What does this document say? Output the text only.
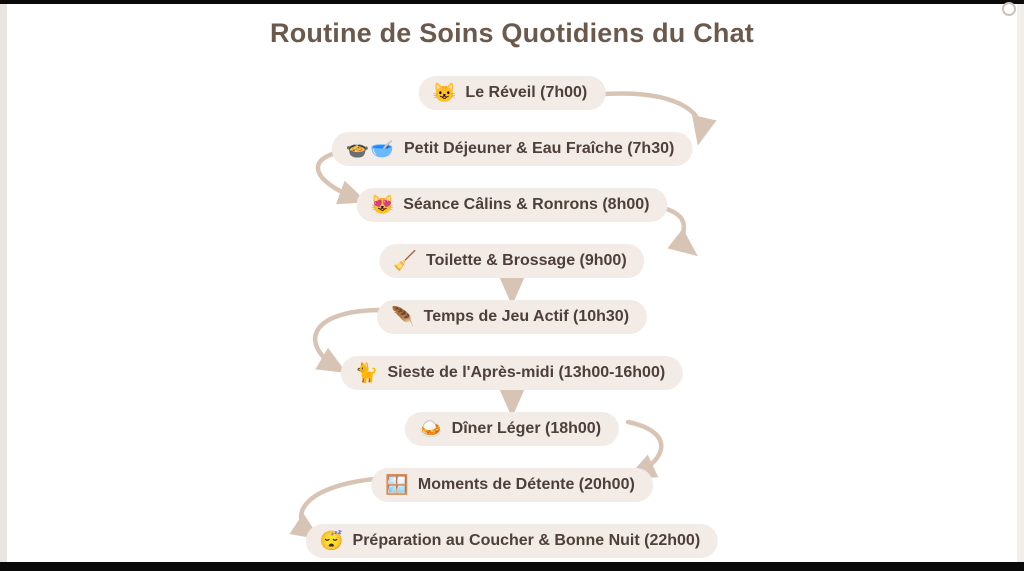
Routine de Soins Quotidiens du Chat
😺 Le Réveil (7h00)
🍲🥣 Petit Déjeuner & Eau Fraîche (7h30)
😻 Séance Câlins & Ronrons (8h00)
🧹 Toilette & Brossage (9h00)
🪶 Temps de Jeu Actif (10h30)
🐈 Sieste de l'Après-midi (13h00-16h00)
🍛 Dîner Léger (18h00)
🪟 Moments de Détente (20h00)
😴 Préparation au Coucher & Bonne Nuit (22h00)
